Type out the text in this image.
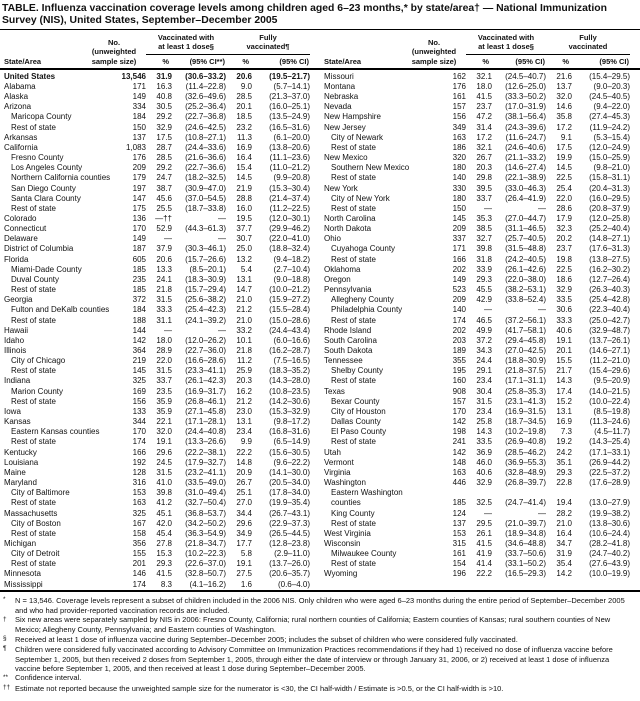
TABLE. Influenza vaccination coverage levels among children aged 6–23 months,* by state/area† — National Immunization Survey (NIS), United States, September–December 2005
State/Area
No.
(unweighted
sample size)
Vaccinated with
at least 1 dose§
%	(95% CI**)
Fully
vaccinated¶
%	(95% CI) State/Area
No.
(unweighted
sample size)
Vaccinated with
at least 1 dose§
%	(95% CI)
Fully
vaccinated
%	(95% CI)
United States	13,546	31.9	(30.6–33.2)	20.6	(19.5–21.7)
Alabama	171	16.3	(11.4–22.8)	9.0	(5.7–14.1)
Alaska	149	40.8	(32.6–49.6)	28.5	(21.3–37.0)
Arizona	334	30.5	(25.2–36.4)	20.1	(16.0–25.1)
Maricopa County	184	29.2	(22.7–36.8)	18.5	(13.5–24.9)
Rest of state	150	32.9	(24.6–42.5)	23.2	(16.5–31.6)
Arkansas	137	17.5	(10.8–27.1)	11.3	(6.1–20.0)
California	1,083	28.7	(24.4–33.6)	16.9	(13.8–20.6)
Fresno County	176	28.5	(21.6–36.6)	16.4	(11.1–23.6)
Los Angeles County	209	29.2	(22.7–36.6)	15.4	(11.0–21.2)
Northern California counties	179	24.7	(18.2–32.5)	14.5	(9.9–20.8)
San Diego County	197	38.7	(30.9–47.0)	21.9	(15.3–30.4)
Santa Clara County	147	45.6	(37.0–54.5)	28.8	(21.4–37.4)
Rest of state	175	25.5	(18.7–33.8)	16.0	(11.2–22.5)
Colorado	136	—††	—	19.5	(12.0–30.1)
Connecticut	170	52.9	(44.3–61.3)	37.7	(29.9–46.2)
Delaware	149	—	—	30.7	(22.0–41.0)
District of Columbia	187	37.9	(30.3–46.1)	25.0	(18.8–32.4)
Florida	605	20.6	(15.7–26.6)	13.2	(9.4–18.2)
Miami-Dade County	185	13.3	(8.5–20.1)	5.4	(2.7–10.4)
Duval County	235	24.1	(18.3–30.9)	13.1	(9.0–18.8)
Rest of state	185	21.8	(15.7–29.4)	14.7	(10.0–21.2)
Georgia	372	31.5	(25.6–38.2)	21.0	(15.9–27.2)
Fulton and DeKalb counties	184	33.3	(25.4–42.3)	21.2	(15.5–28.4)
Rest of state	188	31.1	(24.1–39.2)	21.0	(15.0–28.6)
Hawaii	144	—	—	33.2	(24.4–43.4)
Idaho	142	18.0	(12.0–26.2)	10.1	(6.0–16.6)
Illinois	364	28.9	(22.7–36.0)	21.8	(16.2–28.7)
City of Chicago	219	22.0	(16.6–28.6)	11.2	(7.5–16.5)
Rest of state	145	31.5	(23.3–41.1)	25.9	(18.3–35.2)
Indiana	325	33.7	(26.1–42.3)	20.3	(14.3–28.0)
Marion County	169	23.5	(16.9–31.7)	16.2	(10.8–23.5)
Rest of state	156	35.9	(26.8–46.1)	21.2	(14.2–30.6)
Iowa	133	35.9	(27.1–45.8)	23.0	(15.3–32.9)
Kansas	344	22.1	(17.1–28.1)	13.1	(9.8–17.2)
Eastern Kansas counties	170	32.0	(24.4–40.8)	23.4	(16.8–31.6)
Rest of state	174	19.1	(13.3–26.6)	9.9	(6.5–14.9)
Kentucky	166	29.6	(22.2–38.1)	22.2	(15.6–30.5)
Louisiana	192	24.5	(17.9–32.7)	14.8	(9.6–22.2)
Maine	128	31.5	(23.2–41.1)	20.9	(14.1–30.0)
Maryland	316	41.0	(33.5–49.0)	26.7	(20.5–34.0)
City of Baltimore	153	39.8	(31.0–49.4)	25.1	(17.8–34.0)
Rest of state	163	41.2	(32.7–50.4)	27.0	(19.9–35.4)
Massachusetts	325	45.1	(36.8–53.7)	34.4	(26.7–43.1)
City of Boston	167	42.0	(34.2–50.2)	29.6	(22.9–37.3)
Rest of state	158	45.4	(36.3–54.9)	34.9	(26.5–44.5)
Michigan	356	27.8	(21.8–34.7)	17.7	(12.8–23.8)
City of Detroit	155	15.3	(10.2–22.3)	5.8	(2.9–11.0)
Rest of state	201	29.3	(22.6–37.0)	19.1	(13.7–26.0)
Minnesota	146	41.5	(32.8–50.7)	27.5	(20.6–35.7)
Mississippi	174	8.3	(4.1–16.2)	1.6	(0.6–4.0)
Missouri	162	32.1	(24.5–40.7)	21.6	(15.4–29.5)
Montana	176	18.0	(12.6–25.0)	13.7	(9.0–20.3)
Nebraska	161	41.5	(33.3–50.2)	32.0	(24.5–40.5)
Nevada	157	23.7	(17.0–31.9)	14.6	(9.4–22.0)
New Hampshire	156	47.2	(38.1–56.4)	35.8	(27.4–45.3)
New Jersey	349	31.4	(24.3–39.6)	17.2	(11.9–24.2)
City of Newark	163	17.2	(11.6–24.7)	9.1	(5.3–15.4)
Rest of state	186	32.1	(24.6–40.6)	17.5	(12.0–24.9)
New Mexico	320	26.7	(21.1–33.2)	19.9	(15.0–25.9)
Southern New Mexico	180	20.3	(14.6–27.4)	14.5	(9.8–21.0)
Rest of state	140	29.8	(22.1–38.9)	22.5	(15.8–31.1)
New York	330	39.5	(33.0–46.3)	25.4	(20.4–31.3)
City of New York	180	33.7	(26.4–41.9)	22.0	(16.0–29.5)
Rest of state	150	—	—	28.6	(20.8–37.9)
North Carolina	145	35.3	(27.0–44.7)	17.9	(12.0–25.8)
North Dakota	209	38.5	(31.1–46.5)	32.3	(25.2–40.4)
Ohio	337	32.7	(25.7–40.5)	20.2	(14.8–27.1)
Cuyahoga County	171	39.8	(31.5–48.8)	23.7	(17.6–31.3)
Rest of state	166	31.8	(24.2–40.5)	19.8	(13.8–27.5)
Oklahoma	202	33.9	(26.1–42.6)	22.5	(16.2–30.2)
Oregon	149	29.3	(22.0–38.0)	18.6	(12.7–26.4)
Pennsylvania	523	45.5	(38.2–53.1)	32.9	(26.3–40.3)
Allegheny County	209	42.9	(33.8–52.4)	33.5	(25.4–42.8)
Philadelphia County	140	—	—	30.6	(22.3–40.4)
Rest of state	174	46.5	(37.2–56.1)	33.3	(25.0–42.7)
Rhode Island	202	49.9	(41.7–58.1)	40.6	(32.9–48.7)
South Carolina	203	37.2	(29.4–45.8)	19.1	(13.7–26.1)
South Dakota	189	34.3	(27.0–42.5)	20.1	(14.6–27.1)
Tennessee	355	24.4	(18.8–30.9)	15.5	(11.2–21.0)
Shelby County	195	29.1	(21.8–37.5)	21.7	(15.4–29.6)
Rest of state	160	23.4	(17.1–31.1)	14.3	(9.5–20.9)
Texas	908	30.4	(25.8–35.3)	17.4	(14.0–21.5)
Bexar County	157	31.5	(23.1–41.3)	15.2	(10.0–22.4)
City of Houston	170	23.4	(16.9–31.5)	13.1	(8.5–19.8)
Dallas County	142	25.8	(18.7–34.5)	16.9	(11.3–24.6)
El Paso County	198	14.3	(10.2–19.8)	7.3	(4.5–11.7)
Rest of state	241	33.5	(26.9–40.8)	19.2	(14.3–25.4)
Utah	142	36.9	(28.5–46.2)	24.2	(17.1–33.1)
Vermont	148	46.0	(36.9–55.3)	35.1	(26.9–44.2)
Virginia	163	40.6	(32.8–48.9)	29.3	(22.5–37.2)
Washington	446	32.9	(26.8–39.7)	22.8	(17.6–28.9)
Eastern Washington
counties	185	32.5	(24.7–41.4)	19.4	(13.0–27.9)
King County	124	—	—	28.2	(19.9–38.2)
Rest of state	137	29.5	(21.0–39.7)	21.0	(13.8–30.6)
West Virginia	153	26.1	(18.9–34.8)	16.4	(10.6–24.4)
Wisconsin	315	41.5	(34.6–48.8)	34.7	(28.2–41.8)
Milwaukee County	161	41.9	(33.7–50.6)	31.9	(24.7–40.2)
Rest of state	154	41.4	(33.1–50.2)	35.4	(27.6–43.9)
Wyoming	196	22.2	(16.5–29.3)	14.2	(10.0–19.9)
* N = 13,546. Coverage levels represent a subset of children included in the 2006 NIS. Only children who were aged 6–23 months during the entire period of September–December 2005 and who had provider-reported vaccination records are included.
† Six new areas were separately sampled by NIS in 2006: Fresno County, California; rural northern counties of California; Eastern counties of Kansas; rural southern counties of New Mexico; Allegheny County, Pennsylvania; and Eastern counties of Washington.
§ Received at least 1 dose of influenza vaccine during September–December 2005; includes the subset of children who were considered fully vaccinated.
¶ Children were considered fully vaccinated according to Advisory Committee on Immunization Practices recommendations if they had 1) received no dose of influenza vaccine before September 1, 2005, but then received 2 doses from September 1, 2005, through either the date of interview or through January 31, 2006, or 2) received at least 1 dose of influenza vaccine before September 1, 2005, and then received at least 1 dose during September–December 2005.
** Confidence interval.
†† Estimate not reported because the unweighted sample size for the numerator is <30, the CI half-width / Estimate is >0.5, or the CI half-width is >10.
